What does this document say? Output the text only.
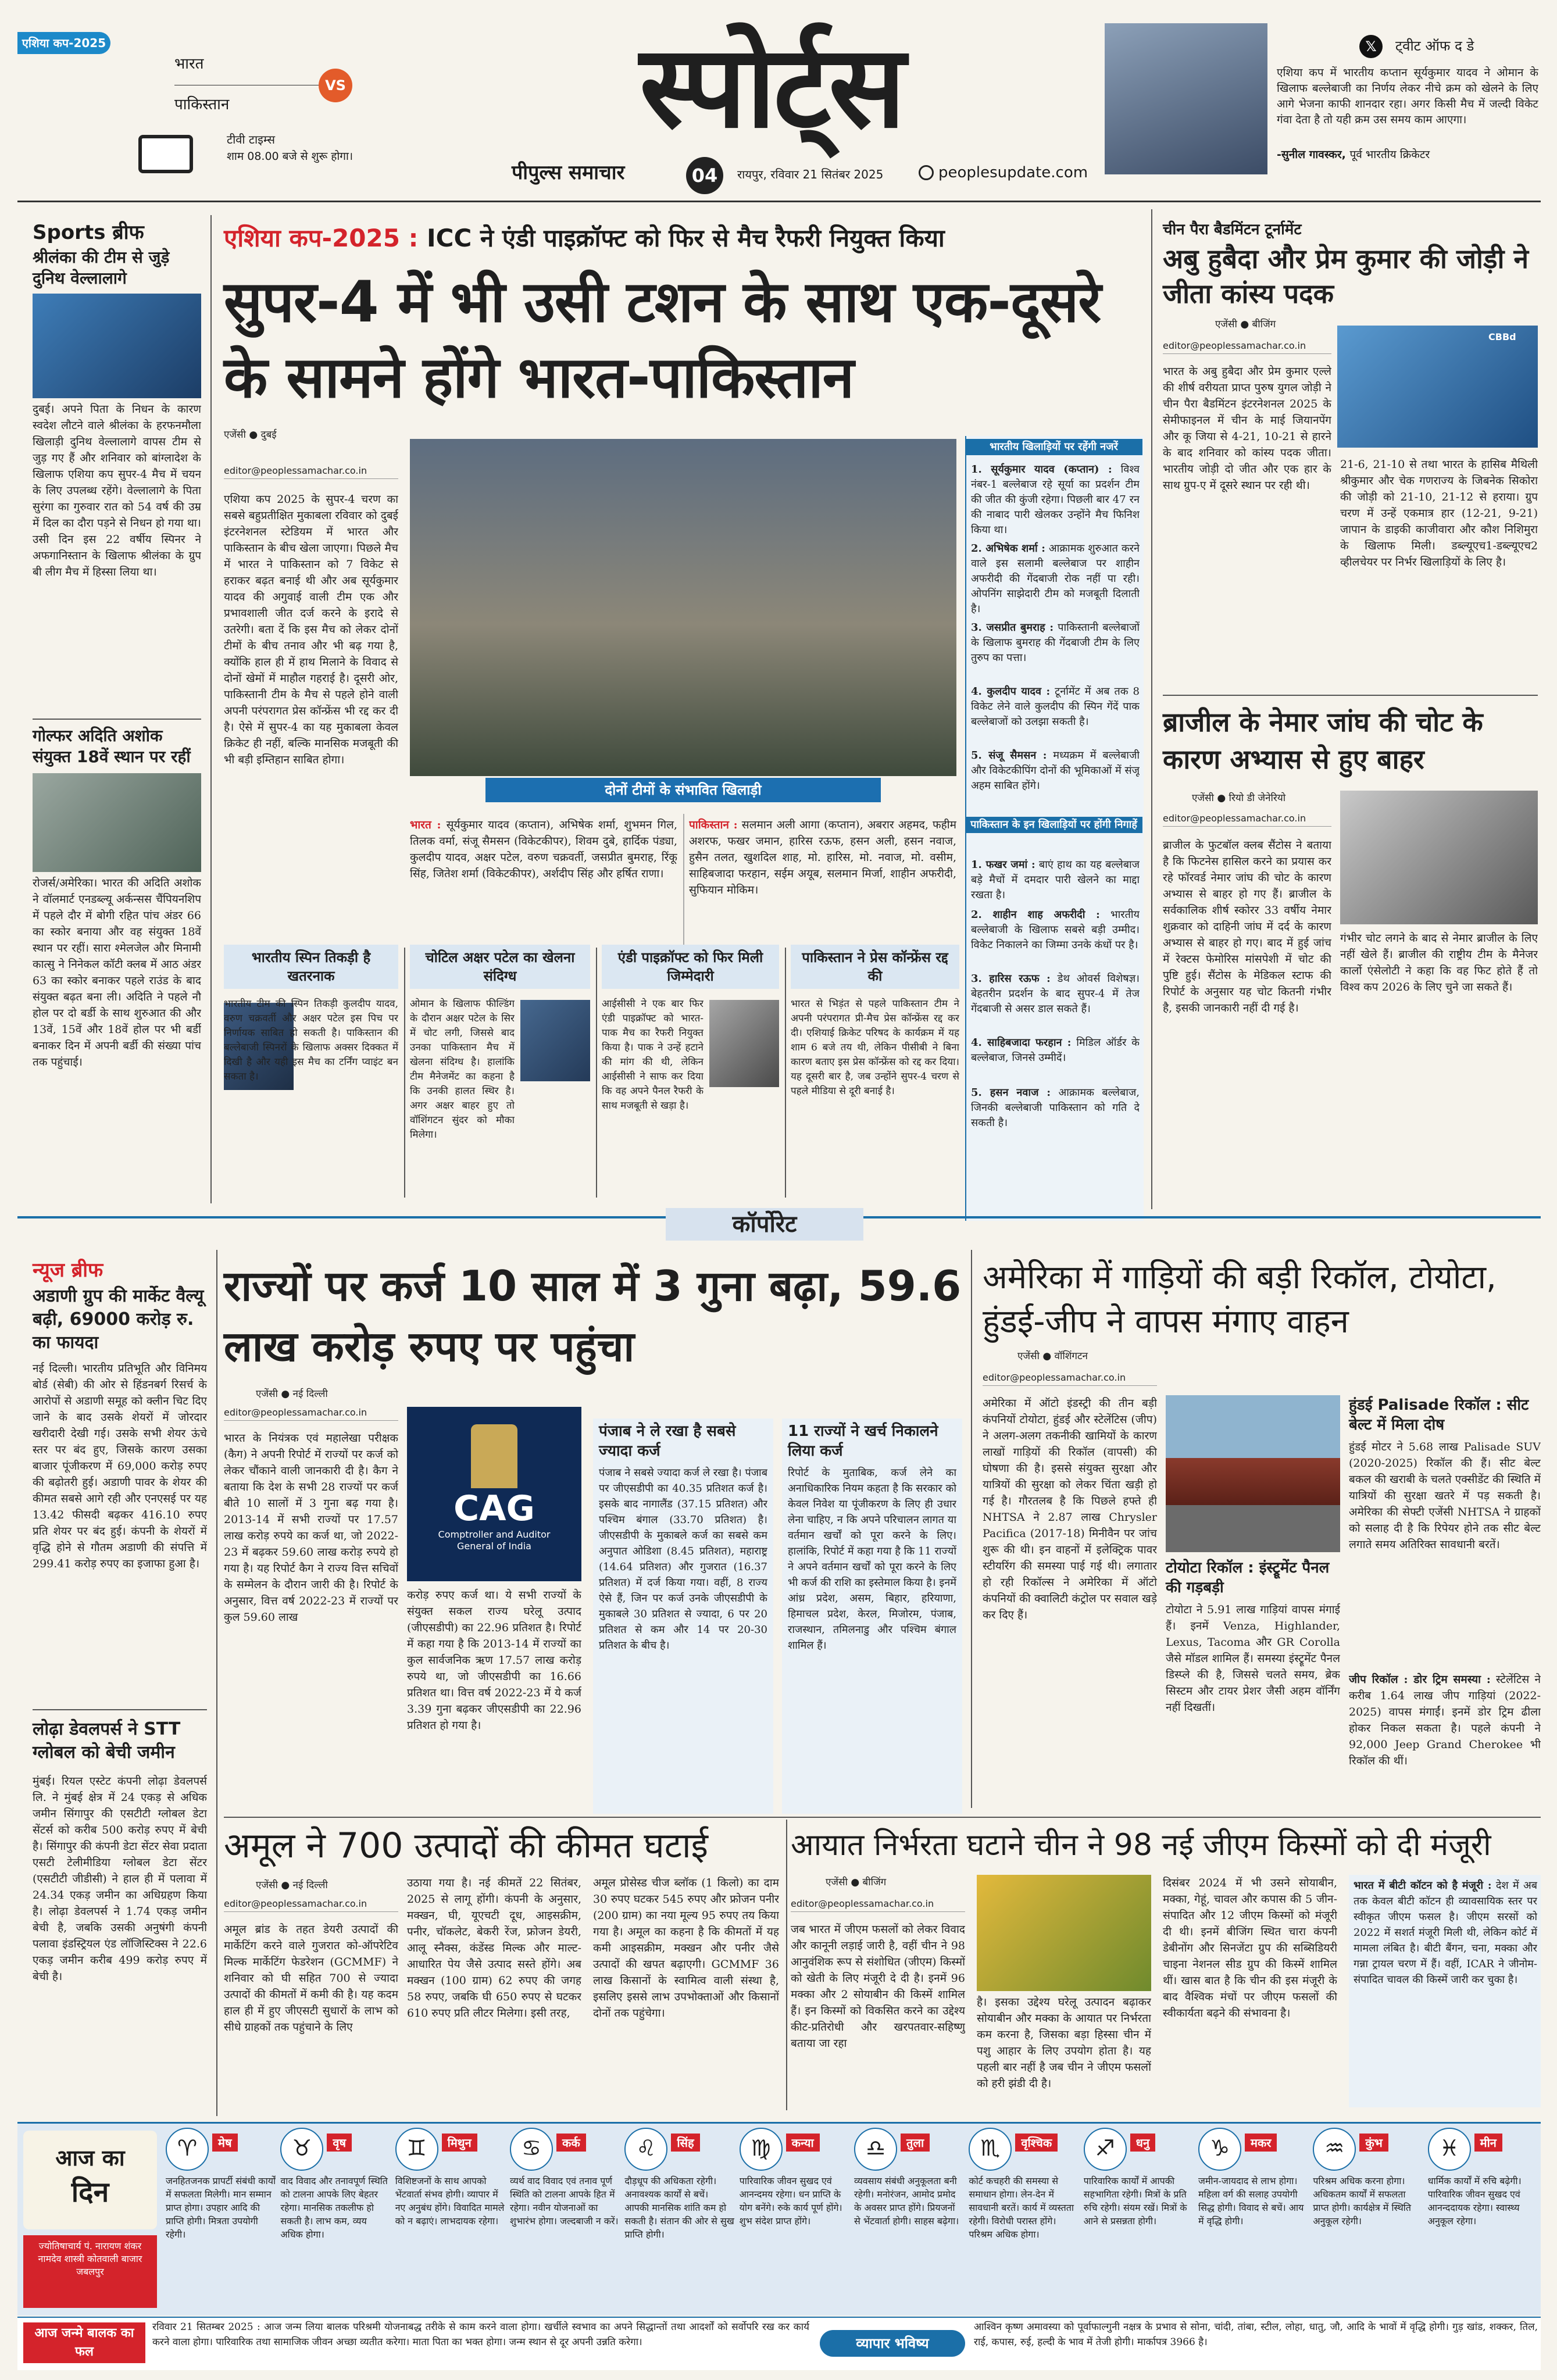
एशिया कप-2025
भारत
पाकिस्तान
VS
टीवी टाइम्स
शाम 08.00 बजे से शुरू होगा।
स्पोर्ट्स
पीपुल्स समाचार	04	रायपुर, रविवार 21 सितंबर 2025	peoplesupdate.com
𝕏	ट्वीट ऑफ द डे
एशिया कप में भारतीय कप्तान सूर्यकुमार यादव ने ओमान के खिलाफ बल्लेबाजी का निर्णय लेकर नीचे क्रम को खेलने के लिए आगे भेजना काफी शानदार रहा। अगर किसी मैच में जल्दी विकेट गंवा देता है तो यही क्रम उस समय काम आएगा।
-सुनील गावस्कर, पूर्व भारतीय क्रिकेटर
Sports ब्रीफ
श्रीलंका की टीम से जुड़े दुनिथ वेल्लालागे
दुबई। अपने पिता के निधन के कारण स्वदेश लौटने वाले श्रीलंका के हरफनमौला खिलाड़ी दुनिथ वेल्लालागे वापस टीम से जुड़ गए हैं और शनिवार को बांग्लादेश के खिलाफ एशिया कप सुपर-4 मैच में चयन के लिए उपलब्ध रहेंगे। वेल्लालागे के पिता सुरंगा का गुरुवार रात को 54 वर्ष की उम्र में दिल का दौरा पड़ने से निधन हो गया था। उसी दिन इस 22 वर्षीय स्पिनर ने अफगानिस्तान के खिलाफ श्रीलंका के ग्रुप बी लीग मैच में हिस्सा लिया था।
गोल्फर अदिति अशोक संयुक्त 18वें स्थान पर रहीं
रोजर्स/अमेरिका। भारत की अदिति अशोक ने वॉलमार्ट एनडब्ल्यू अर्कन्सस चैंपियनशिप में पहले दौर में बोगी रहित पांच अंडर 66 का स्कोर बनाया और वह संयुक्त 18वें स्थान पर रहीं। सारा श्मेलजेल और मिनामी कात्सु ने निनेकल कॉटी क्लब में आठ अंडर 63 का स्कोर बनाकर पहले राउंड के बाद संयुक्त बढ़त बना ली। अदिति ने पहले नौ होल पर दो बर्डी के साथ शुरुआत की और 13वें, 15वें और 18वें होल पर भी बर्डी बनाकर दिन में अपनी बर्डी की संख्या पांच तक पहुंचाई।
एशिया कप-2025 : ICC ने एंडी पाइक्रॉफ्ट को फिर से मैच रैफरी नियुक्त किया
सुपर-4 में भी उसी टशन के साथ एक-दूसरे के सामने होंगे भारत-पाकिस्तान
एजेंसी ● दुबई
editor@peoplessamachar.co.in
एशिया कप 2025 के सुपर-4 चरण का सबसे बहुप्रतीक्षित मुकाबला रविवार को दुबई इंटरनेशनल स्टेडियम में भारत और पाकिस्तान के बीच खेला जाएगा। पिछले मैच में भारत ने पाकिस्तान को 7 विकेट से हराकर बढ़त बनाई थी और अब सूर्यकुमार यादव की अगुवाई वाली टीम एक और प्रभावशाली जीत दर्ज करने के इरादे से उतरेगी। बता दें कि इस मैच को लेकर दोनों टीमों के बीच तनाव और भी बढ़ गया है, क्योंकि हाल ही में हाथ मिलाने के विवाद से दोनों खेमों में माहौल गहराई है। दूसरी ओर, पाकिस्तानी टीम के मैच से पहले होने वाली अपनी परंपरागत प्रेस कॉन्फ्रेंस भी रद्द कर दी है। ऐसे में सुपर-4 का यह मुकाबला केवल क्रिकेट ही नहीं, बल्कि मानसिक मजबूती की भी बड़ी इम्तिहान साबित होगा।
दोनों टीमों के संभावित खिलाड़ी
भारत : सूर्यकुमार यादव (कप्तान), अभिषेक शर्मा, शुभमन गिल, तिलक वर्मा, संजू सैमसन (विकेटकीपर), शिवम दुबे, हार्दिक पंड्या, कुलदीप यादव, अक्षर पटेल, वरुण चक्रवर्ती, जसप्रीत बुमराह, रिंकू सिंह, जितेश शर्मा (विकेटकीपर), अर्शदीप सिंह और हर्षित राणा।
पाकिस्तान : सलमान अली आगा (कप्तान), अबरार अहमद, फहीम अशरफ, फखर जमान, हारिस रऊफ, हसन अली, हसन नवाज, हुसैन तलत, खुशदिल शाह, मो. हारिस, मो. नवाज, मो. वसीम, साहिबजादा फरहान, सईम अयूब, सलमान मिर्जा, शाहीन अफरीदी, सुफियान मोकिम।
भारतीय खिलाड़ियों पर रहेंगी नजरें
1. सूर्यकुमार यादव (कप्तान) : विश्व नंबर-1 बल्लेबाज रहे सूर्या का प्रदर्शन टीम की जीत की कुंजी रहेगा। पिछली बार 47 रन की नाबाद पारी खेलकर उन्होंने मैच फिनिश किया था।
2. अभिषेक शर्मा : आक्रामक शुरुआत करने वाले इस सलामी बल्लेबाज पर शाहीन अफरीदी की गेंदबाजी रोक नहीं पा रही। ओपनिंग साझेदारी टीम को मजबूती दिलाती है।
3. जसप्रीत बुमराह : पाकिस्तानी बल्लेबाजों के खिलाफ बुमराह की गेंदबाजी टीम के लिए तुरुप का पत्ता।
4. कुलदीप यादव : टूर्नामेंट में अब तक 8 विकेट लेने वाले कुलदीप की स्पिन गेंदें पाक बल्लेबाजों को उलझा सकती है।
5. संजू सैमसन : मध्यक्रम में बल्लेबाजी और विकेटकीपिंग दोनों की भूमिकाओं में संजू अहम साबित होंगे।
पाकिस्तान के इन खिलाड़ियों पर होंगी निगाहें
1. फखर जमां : बाएं हाथ का यह बल्लेबाज बड़े मैचों में दमदार पारी खेलने का माद्दा रखता है।
2. शाहीन शाह अफरीदी : भारतीय बल्लेबाजी के खिलाफ सबसे बड़ी उम्मीद। विकेट निकालने का जिम्मा उनके कंधों पर है।
3. हारिस रऊफ : डेथ ओवर्स विशेषज्ञ। बेहतरीन प्रदर्शन के बाद सुपर-4 में तेज गेंदबाजी से असर डाल सकते हैं।
4. साहिबजादा फरहान : मिडिल ऑर्डर के बल्लेबाज, जिनसे उम्मीदें।
5. हसन नवाज : आक्रामक बल्लेबाज, जिनकी बल्लेबाजी पाकिस्तान को गति दे सकती है।
भारतीय स्पिन तिकड़ी है खतरनाक
भारतीय टीम की स्पिन तिकड़ी कुलदीप यादव, वरुण चक्रवर्ती और अक्षर पटेल इस पिच पर निर्णायक साबित हो सकती है। पाकिस्तान की बल्लेबाजी स्पिनरों के खिलाफ अक्सर दिक्कत में दिखी है और यही इस मैच का टर्निंग प्वाइंट बन सकता है।
चोटिल अक्षर पटेल का खेलना संदिग्ध
ओमान के खिलाफ फील्डिंग के दौरान अक्षर पटेल के सिर में चोट लगी, जिससे बाद उनका पाकिस्तान मैच में खेलना संदिग्ध है। हालांकि टीम मैनेजमेंट का कहना है कि उनकी हालत स्थिर है। अगर अक्षर बाहर हुए तो वॉशिंगटन सुंदर को मौका मिलेगा।
एंडी पाइक्रॉफ्ट को फिर मिली जिम्मेदारी
आईसीसी ने एक बार फिर एंडी पाइक्रॉफ्ट को भारत-पाक मैच का रैफरी नियुक्त किया है। पाक ने उन्हें हटाने की मांग की थी, लेकिन आईसीसी ने साफ कर दिया कि वह अपने पैनल रैफरी के साथ मजबूती से खड़ा है।
पाकिस्तान ने प्रेस कॉन्फ्रेंस रद्द की
भारत से भिड़ंत से पहले पाकिस्तान टीम ने अपनी परंपरागत प्री-मैच प्रेस कॉन्फ्रेंस रद्द कर दी। एशियाई क्रिकेट परिषद के कार्यक्रम में यह शाम 6 बजे तय थी, लेकिन पीसीबी ने बिना कारण बताए इस प्रेस कॉन्फ्रेंस को रद्द कर दिया। यह दूसरी बार है, जब उन्होंने सुपर-4 चरण से पहले मीडिया से दूरी बनाई है।
चीन पैरा बैडमिंटन टूर्नामेंट
अबु हुबैदा और प्रेम कुमार की जोड़ी ने जीता कांस्य पदक
एजेंसी ● बीजिंग
editor@peoplessamachar.co.in
CBBd
भारत के अबु हुबैदा और प्रेम कुमार एल्ले की शीर्ष वरीयता प्राप्त पुरुष युगल जोड़ी ने चीन पैरा बैडमिंटन इंटरनेशनल 2025 के सेमीफाइनल में चीन के माई जियानपेंग और कू जिया से 4-21, 10-21 से हारने के बाद शनिवार को कांस्य पदक जीता। भारतीय जोड़ी दो जीत और एक हार के साथ ग्रुप-ए में दूसरे स्थान पर रही थी।
21-6, 21-10 से तथा भारत के हासिब मैथिली श्रीकुमार और चेक गणराज्य के जिबनेक सिकोरा की जोड़ी को 21-10, 21-12 से हराया। ग्रुप चरण में उन्हें एकमात्र हार (12-21, 9-21) जापान के डाइकी काजीवारा और कौश निशिमुरा के खिलाफ मिली। डब्ल्यूएच1-डब्ल्यूएच2 व्हीलचेयर पर निर्भर खिलाड़ियों के लिए है।
ब्राजील के नेमार जांघ की चोट के कारण अभ्यास से हुए बाहर
एजेंसी ● रियो डी जेनेरियो
editor@peoplessamachar.co.in
ब्राजील के फुटबॉल क्लब सैंटोस ने बताया है कि फिटनेस हासिल करने का प्रयास कर रहे फॉरवर्ड नेमार जांघ की चोट के कारण अभ्यास से बाहर हो गए हैं। ब्राजील के सर्वकालिक शीर्ष स्कोरर 33 वर्षीय नेमार शुक्रवार को दाहिनी जांघ में दर्द के कारण अभ्यास से बाहर हो गए। बाद में हुई जांच में रेक्टस फेमोरिस मांसपेशी में चोट की पुष्टि हुई। सैंटोस के मेडिकल स्टाफ की रिपोर्ट के अनुसार यह चोट कितनी गंभीर है, इसकी जानकारी नहीं दी गई है।
गंभीर चोट लगने के बाद से नेमार ब्राजील के लिए नहीं खेले हैं। ब्राजील की राष्ट्रीय टीम के मैनेजर कार्लो एंसेलोटी ने कहा कि वह फिट होते हैं तो विश्व कप 2026 के लिए चुने जा सकते हैं।
कॉर्पोरेट
न्यूज ब्रीफ
अडाणी ग्रुप की मार्केट वैल्यू बढ़ी, 69000 करोड़ रु. का फायदा
नई दिल्ली। भारतीय प्रतिभूति और विनिमय बोर्ड (सेबी) की ओर से हिंडनबर्ग रिसर्च के आरोपों से अडाणी समूह को क्लीन चिट दिए जाने के बाद उसके शेयरों में जोरदार खरीदारी देखी गई। उसके सभी शेयर ऊंचे स्तर पर बंद हुए, जिसके कारण उसका बाजार पूंजीकरण में 69,000 करोड़ रुपए की बढ़ोतरी हुई। अडाणी पावर के शेयर की कीमत सबसे आगे रही और एनएसई पर यह 13.42 फीसदी बढ़कर 416.10 रुपए प्रति शेयर पर बंद हुई। कंपनी के शेयरों में वृद्धि होने से गौतम अडाणी की संपत्ति में 299.41 करोड़ रुपए का इजाफा हुआ है।
लोढ़ा डेवलपर्स ने STT ग्लोबल को बेची जमीन
मुंबई। रियल एस्टेट कंपनी लोढ़ा डेवलपर्स लि. ने मुंबई क्षेत्र में 24 एकड़ से अधिक जमीन सिंगापुर की एसटीटी ग्लोबल डेटा सेंटर्स को करीब 500 करोड़ रुपए में बेची है। सिंगापुर की कंपनी डेटा सेंटर सेवा प्रदाता एसटी टेलीमीडिया ग्लोबल डेटा सेंटर (एसटीटी जीडीसी) ने हाल ही में पलावा में 24.34 एकड़ जमीन का अधिग्रहण किया है। लोढ़ा डेवलपर्स ने 1.74 एकड़ जमीन बेची है, जबकि उसकी अनुषंगी कंपनी पलावा इंडस्ट्रियल एंड लॉजिस्टिक्स ने 22.6 एकड़ जमीन करीब 499 करोड़ रुपए में बेची है।
राज्यों पर कर्ज 10 साल में 3 गुना बढ़ा, 59.6 लाख करोड़ रुपए पर पहुंचा
एजेंसी ● नई दिल्ली
editor@peoplessamachar.co.in
भारत के नियंत्रक एवं महालेखा परीक्षक (कैग) ने अपनी रिपोर्ट में राज्यों पर कर्ज को लेकर चौंकाने वाली जानकारी दी है। कैग ने बताया कि देश के सभी 28 राज्यों पर कर्ज बीते 10 सालों में 3 गुना बढ़ गया है। 2013-14 में सभी राज्यों पर 17.57 लाख करोड़ रुपये का कर्ज था, जो 2022-23 में बढ़कर 59.60 लाख करोड़ रुपये हो गया है। यह रिपोर्ट कैग ने राज्य वित्त सचिवों के सम्मेलन के दौरान जारी की है। रिपोर्ट के अनुसार, वित्त वर्ष 2022-23 में राज्यों पर कुल 59.60 लाख
CAG
Comptroller and Auditor General of India
करोड़ रुपए कर्ज था। ये सभी राज्यों के संयुक्त सकल राज्य घरेलू उत्पाद (जीएसडीपी) का 22.96 प्रतिशत है। रिपोर्ट में कहा गया है कि 2013-14 में राज्यों का कुल सार्वजनिक ऋण 17.57 लाख करोड़ रुपये था, जो जीएसडीपी का 16.66 प्रतिशत था। वित्त वर्ष 2022-23 में ये कर्ज 3.39 गुना बढ़कर जीएसडीपी का 22.96 प्रतिशत हो गया है।
पंजाब ने ले रखा है सबसे ज्यादा कर्ज
पंजाब ने सबसे ज्यादा कर्ज ले रखा है। पंजाब पर जीएसडीपी का 40.35 प्रतिशत कर्ज है। इसके बाद नागालैंड (37.15 प्रतिशत) और पश्चिम बंगाल (33.70 प्रतिशत) है। जीएसडीपी के मुकाबले कर्ज का सबसे कम अनुपात ओडिशा (8.45 प्रतिशत), महाराष्ट्र (14.64 प्रतिशत) और गुजरात (16.37 प्रतिशत) में दर्ज किया गया। वहीं, 8 राज्य ऐसे हैं, जिन पर कर्ज उनके जीएसडीपी के मुकाबले 30 प्रतिशत से ज्यादा, 6 पर 20 प्रतिशत से कम और 14 पर 20-30 प्रतिशत के बीच है।
11 राज्यों ने खर्च निकालने लिया कर्ज
रिपोर्ट के मुताबिक, कर्ज लेने का अनाधिकारिक नियम कहता है कि सरकार को केवल निवेश या पूंजीकरण के लिए ही उधार लेना चाहिए, न कि अपने परिचालन लागत या वर्तमान खर्चों को पूरा करने के लिए। हालांकि, रिपोर्ट में कहा गया है कि 11 राज्यों ने अपने वर्तमान खर्चों को पूरा करने के लिए भी कर्ज की राशि का इस्तेमाल किया है। इनमें आंध्र प्रदेश, असम, बिहार, हरियाणा, हिमाचल प्रदेश, केरल, मिजोरम, पंजाब, राजस्थान, तमिलनाडु और पश्चिम बंगाल शामिल हैं।
अमेरिका में गाड़ियों की बड़ी रिकॉल, टोयोटा, हुंडई-जीप ने वापस मंगाए वाहन
एजेंसी ● वॉशिंगटन
editor@peoplessamachar.co.in
अमेरिका में ऑटो इंडस्ट्री की तीन बड़ी कंपनियों टोयोटा, हुंडई और स्टेलेंटिस (जीप) ने अलग-अलग तकनीकी खामियों के कारण लाखों गाड़ियों की रिकॉल (वापसी) की घोषणा की है। इससे संयुक्त सुरक्षा और यात्रियों की सुरक्षा को लेकर चिंता खड़ी हो गई है। गौरतलब है कि पिछले हफ्ते ही NHTSA ने 2.87 लाख Chrysler Pacifica (2017-18) मिनीवैन पर जांच शुरू की थी। इन वाहनों में इलेक्ट्रिक पावर स्टीयरिंग की समस्या पाई गई थी। लगातार हो रही रिकॉल्स ने अमेरिका में ऑटो कंपनियों की क्वालिटी कंट्रोल पर सवाल खड़े कर दिए हैं।
टोयोटा रिकॉल : इंस्ट्रूमेंट पैनल की गड़बड़ी
टोयोटा ने 5.91 लाख गाड़ियां वापस मंगाई हैं। इनमें Venza, Highlander, Lexus, Tacoma और GR Corolla जैसे मॉडल शामिल हैं। समस्या इंस्ट्रूमेंट पैनल डिस्प्ले की है, जिससे चलते समय, ब्रेक सिस्टम और टायर प्रेशर जैसी अहम वॉर्निंग नहीं दिखतीं।
हुंडई Palisade रिकॉल : सीट बेल्ट में मिला दोष
हुंडई मोटर ने 5.68 लाख Palisade SUV (2020-2025) रिकॉल की हैं। सीट बेल्ट बकल की खराबी के चलते एक्सीडेंट की स्थिति में यात्रियों की सुरक्षा खतरे में पड़ सकती है। अमेरिका की सेफ्टी एजेंसी NHTSA ने ग्राहकों को सलाह दी है कि रिपेयर होने तक सीट बेल्ट लगाते समय अतिरिक्त सावधानी बरतें।
जीप रिकॉल : डोर ट्रिम समस्या : स्टेलेंटिस ने करीब 1.64 लाख जीप गाड़ियां (2022-2025) वापस मंगाईं। इनमें डोर ट्रिम ढीला होकर निकल सकता है। पहले कंपनी ने 92,000 Jeep Grand Cherokee भी रिकॉल की थीं।
अमूल ने 700 उत्पादों की कीमत घटाई
एजेंसी ● नई दिल्ली
editor@peoplessamachar.co.in
अमूल ब्रांड के तहत डेयरी उत्पादों की मार्केटिंग करने वाले गुजरात को-ऑपरेटिव मिल्क मार्केटिंग फेडरेशन (GCMMF) ने शनिवार को घी सहित 700 से ज्यादा उत्पादों की कीमतों में कमी की है। यह कदम हाल ही में हुए जीएसटी सुधारों के लाभ को सीधे ग्राहकों तक पहुंचाने के लिए
उठाया गया है। नई कीमतें 22 सितंबर, 2025 से लागू होंगी। कंपनी के अनुसार, मक्खन, घी, यूएचटी दूध, आइसक्रीम, पनीर, चॉकलेट, बेकरी रेंज, फ्रोजन डेयरी, आलू स्नैक्स, कंडेंस्ड मिल्क और माल्ट-आधारित पेय जैसे उत्पाद सस्ते होंगे। अब मक्खन (100 ग्राम) 62 रुपए की जगह 58 रुपए, जबकि घी 650 रुपए से घटकर 610 रुपए प्रति लीटर मिलेगा। इसी तरह,
अमूल प्रोसेस्ड चीज ब्लॉक (1 किलो) का दाम 30 रुपए घटकर 545 रुपए और फ्रोजन पनीर (200 ग्राम) का नया मूल्य 95 रुपए तय किया गया है। अमूल का कहना है कि कीमतों में यह कमी आइसक्रीम, मक्खन और पनीर जैसे उत्पादों की खपत बढ़ाएगी। GCMMF 36 लाख किसानों के स्वामित्व वाली संस्था है, इसलिए इससे लाभ उपभोक्ताओं और किसानों दोनों तक पहुंचेगा।
आयात निर्भरता घटाने चीन ने 98 नई जीएम किस्मों को दी मंजूरी
एजेंसी ● बीजिंग
editor@peoplessamachar.co.in
जब भारत में जीएम फसलों को लेकर विवाद और कानूनी लड़ाई जारी है, वहीं चीन ने 98 आनुवंशिक रूप से संशोधित (जीएम) किस्मों को खेती के लिए मंजूरी दे दी है। इनमें 96 मक्का और 2 सोयाबीन की किस्में शामिल हैं। इन किस्मों को विकसित करने का उद्देश्य कीट-प्रतिरोधी और खरपतवार-सहिष्णु बताया जा रहा
है। इसका उद्देश्य घरेलू उत्पादन बढ़ाकर सोयाबीन और मक्का के आयात पर निर्भरता कम करना है, जिसका बड़ा हिस्सा चीन में पशु आहार के लिए उपयोग होता है। यह पहली बार नहीं है जब चीन ने जीएम फसलों को हरी झंडी दी है।
दिसंबर 2024 में भी उसने सोयाबीन, मक्का, गेहूं, चावल और कपास की 5 जीन-संपादित और 12 जीएम किस्मों को मंजूरी दी थी। इनमें बीजिंग स्थित चारा कंपनी डेबीनोंग और सिनजेंटा ग्रुप की सब्सिडियरी चाइना नेशनल सीड ग्रुप की किस्में शामिल थीं। खास बात है कि चीन की इस मंजूरी के बाद वैश्विक मंचों पर जीएम फसलों की स्वीकार्यता बढ़ने की संभावना है।
भारत में बीटी कॉटन को है मंजूरी : देश में अब तक केवल बीटी कॉटन ही व्यावसायिक स्तर पर स्वीकृत जीएम फसल है। जीएम सरसों को 2022 में सशर्त मंजूरी मिली थी, लेकिन कोर्ट में मामला लंबित है। बीटी बैंगन, चना, मक्का और गन्ना ट्रायल चरण में हैं। वहीं, ICAR ने जीनोम-संपादित चावल की किस्में जारी कर चुका है।
आज का
दिन
ज्योतिषाचार्य पं. नारायण शंकर नामदेव शास्त्री कोतवाली बाजार जबलपुर
♈	मेष
जनहितजनक प्रापर्टी संबंधी कार्यों में सफलता मिलेगी। मान सम्मान प्राप्त होगा। उपहार आदि की प्राप्ति होगी। मित्रता उपयोगी रहेगी।
♉	वृष
वाद विवाद और तनावपूर्ण स्थिति को टालना आपके लिए बेहतर रहेगा। मानसिक तकलीफ हो सकती है। लाभ कम, व्यय अधिक होगा।
♊	मिथुन
विशिष्टजनों के साथ आपको भेंटवार्ता संभव होगी। व्यापार में नए अनुबंध होंगे। विवादित मामले को न बढ़ाएं। लाभदायक रहेगा।
♋	कर्क
व्यर्थ वाद विवाद एवं तनाव पूर्ण स्थिति को टालना आपके हित में रहेगा। नवीन योजनाओं का शुभारंभ होगा। जल्दबाजी न करें।
♌	सिंह
दौड़धूप की अधिकता रहेगी। अनावश्यक कार्यों से बचें। आपकी मानसिक शांति कम हो सकती है। संतान की ओर से सुख प्राप्ति होगी।
♍	कन्या
पारिवारिक जीवन सुखद एवं आनन्दमय रहेगा। धन प्राप्ति के योग बनेंगे। रुके कार्य पूर्ण होंगे। शुभ संदेश प्राप्त होंगे।
♎	तुला
व्यवसाय संबंधी अनुकूलता बनी रहेगी। मनोरंजन, आमोद प्रमोद के अवसर प्राप्त होंगे। प्रियजनों से भेंटवार्ता होगी। साहस बढ़ेगा।
♏	वृश्चिक
कोर्ट कचहरी की समस्या से समाधान होगा। लेन-देन में सावधानी बरतें। कार्य में व्यस्तता रहेगी। विरोधी परास्त होंगे। परिश्रम अधिक होगा।
♐	धनु
पारिवारिक कार्यों में आपकी सहभागिता रहेगी। मित्रों के प्रति रुचि रहेगी। संयम रखें। मित्रों के आने से प्रसन्नता होगी।
♑	मकर
जमीन-जायदाद से लाभ होगा। महिला वर्ग की सलाह उपयोगी सिद्ध होगी। विवाद से बचें। आय में वृद्धि होगी।
♒	कुंभ
परिश्रम अधिक करना होगा। अधिकतम कार्यों में सफलता प्राप्त होगी। कार्यक्षेत्र में स्थिति अनुकूल रहेगी।
♓	मीन
धार्मिक कार्यों में रुचि बढ़ेगी। पारिवारिक जीवन सुखद एवं आनन्ददायक रहेगा। स्वास्थ्य अनुकूल रहेगा।
आज जन्मे बालक का फल
रविवार 21 सितम्बर 2025 : आज जन्म लिया बालक परिश्रमी योजनाबद्ध तरीके से काम करने वाला होगा। खर्चीले स्वभाव का अपने सिद्धान्तों तथा आदर्शों को सर्वोपरि रख कर कार्य करने वाला होगा। पारिवारिक तथा सामाजिक जीवन अच्छा व्यतीत करेगा। माता पिता का भक्त होगा। जन्म स्थान से दूर अपनी उन्नति करेगा।	व्यापार भविष्य
आश्विन कृष्ण अमावस्या को पूर्वाफाल्गुनी नक्षत्र के प्रभाव से सोना, चांदी, तांबा, स्टील, लोहा, धातु, जौ, आदि के भावों में वृद्धि होगी। गुड़ खांड, शक्कर, तिल, राई, कपास, रुई, हल्दी के भाव में तेजी होगी। मार्कापत्र 3966 है।
